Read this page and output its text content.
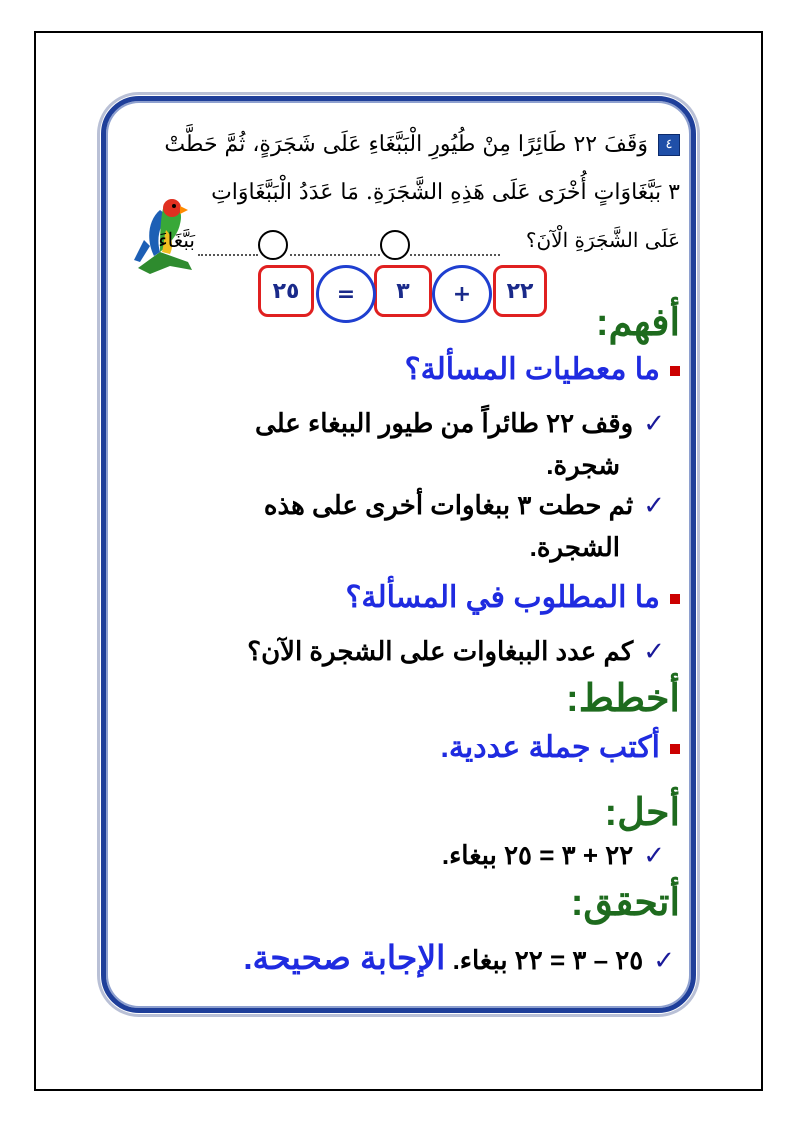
٤وَقَفَ ٢٢ طَائِرًا مِنْ طُيُورِ الْبَبَّغَاءِ عَلَى شَجَرَةٍ، ثُمَّ حَطَّتْ
٣ بَبَّغَاوَاتٍ أُخْرَى عَلَى هَذِهِ الشَّجَرَةِ. مَا عَدَدُ الْبَبَّغَاوَاتِ
عَلَى الشَّجَرَةِ الْآنَ؟
بَبَّغَاءَ
٢٢
+
٣
=
٢٥
أفهم:
ما معطيات المسألة؟
✓وقف ٢٢ طائراً من طيور الببغاء على
شجرة.
✓ثم حطت ٣ ببغاوات أخرى على هذه
الشجرة.
ما المطلوب في المسألة؟
✓كم عدد الببغاوات على الشجرة الآن؟
أخطط:
أكتب جملة عددية.
أحل:
✓٢٢ + ٣ = ٢٥ ببغاء.
أتحقق:
✓٢٥ – ٣ = ٢٢ ببغاء. الإجابة صحيحة.
